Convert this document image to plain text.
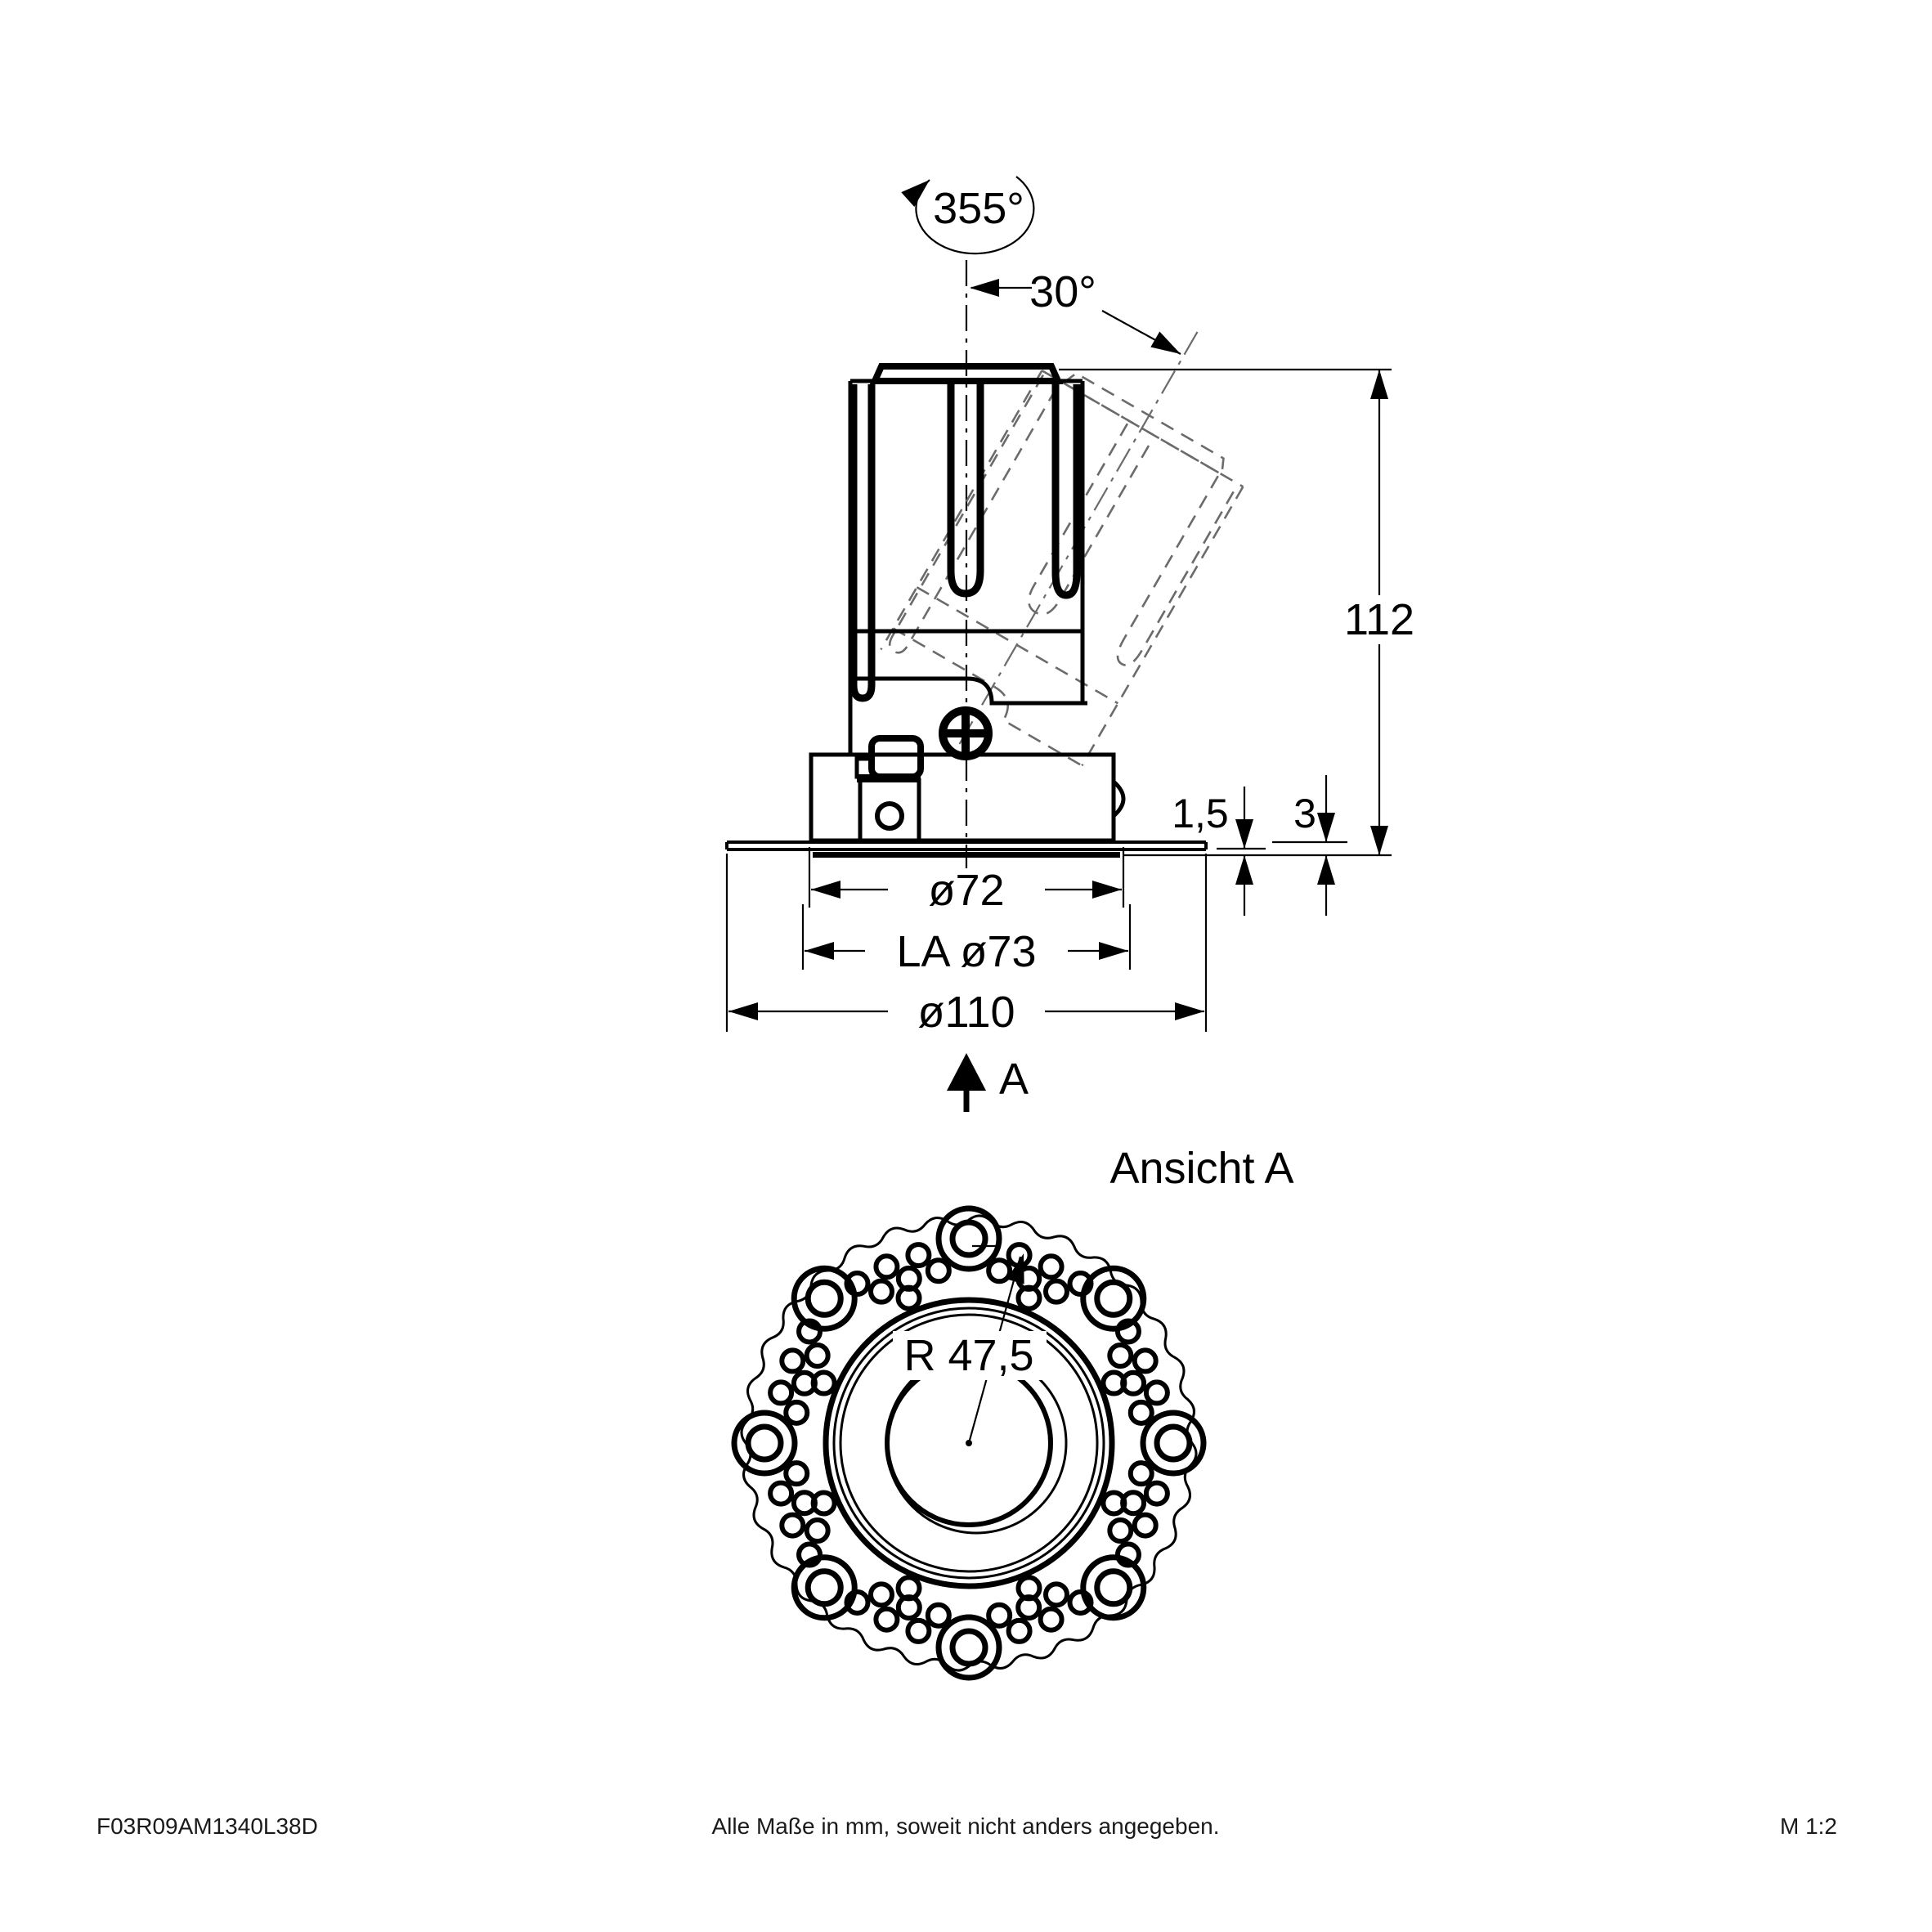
355°
30°
112
1,5 3
ø72
LA ø73
ø110
A
Ansicht A
R 47,5
F03R09AM1340L38D	Alle Maße in mm, soweit nicht anders angegeben.	M 1:2
